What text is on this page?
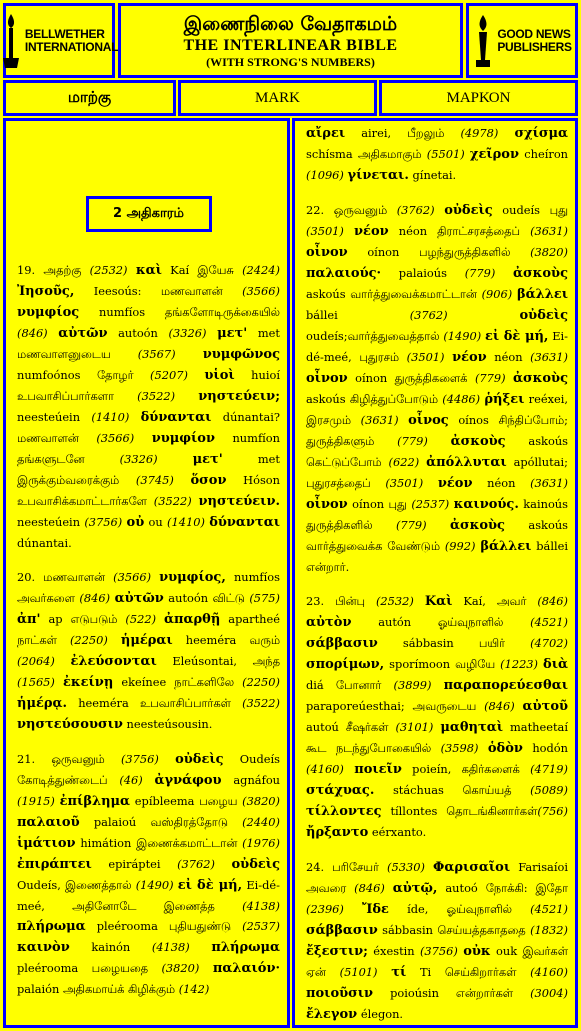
BELLWETHER
INTERNATIONAL
இணைநிலை வேதாகமம்
THE INTERLINEAR BIBLE
(WITH STRONG'S NUMBERS)
GOOD NEWS
PUBLISHERS
மாற்கு	MARK	ΜΑΡΚΟΝ
2 அதிகாரம்

19. அதற்கு (2532) καὶ Kaí இயேசு (2424) Ἰησοῦς, Ieesoús: மணவாளன் (3566) νυμφίος numfíos தங்களோடிருக்கையில் (846) αὐτῶν autoón (3326) μετ' met மணவாளனுடைய (3567) νυμφῶνος numfoónos தோழர் (5207) υἱοὶ huioí உபவாசிப்பார்களா (3522) νηστεύειν; neesteúein (1410) δύνανται dúnantai? மணவாளன் (3566) νυμφίον numfíon தங்களுடனே (3326)	μετ' met இருக்கும்வரைக்கும் (3745) ὅσον Hóson உபவாசிக்கமாட்டார்களே (3522) νηστεύειν. neesteúein (3756) οὐ ou (1410) δύνανται dúnantai.

20. மணவாளன் (3566) νυμφίος, numfíos அவர்களை (846) αὐτῶν autoón விட்டு (575) ἀπ' ap எடுபடும் (522) ἀπαρθῇ apartheé நாட்கள் (2250) ἡμέραι heeméra வரும் (2064) ἐλεύσονται Eleúsontai, அந்த (1565) ἐκείνῃ ekeínee நாட்களிலே (2250) ἡμέρᾳ. heeméra உபவாசிப்பார்கள் (3522) νηστεύσουσιν neesteúsousin.

21. ஒருவனும் (3756) οὐδεὶς Oudeís கோடித்துண்டைப் (46) ἀγνάφου agnáfou (1915) ἐπίβλημα epíbleema பழைய (3820) παλαιοῦ palaioú வஸ்திரத்தோடு (2440) ἱμάτιον himátion இணைக்கமாட்டான் (1976) ἐπιράπτει epiráptei (3762) οὐδεὶς Oudeís, இணைத்தால் (1490) εἰ δὲ μή, Ei-dé-meé, அதினோடே இணைத்த (4138) πλήρωμα pleérooma புதியதுண்டு (2537) καινὸν kainón (4138) πλήρωμα pleérooma பழையதை (3820) παλαιόν· palaión அதிகமாய்க் கிழிக்கும் (142)

αἴρει airei, பீறலும் (4978) σχίσμα schísma அதிகமாகும் (5501) χεῖρον cheíron (1096) γίνεται. gínetai.

22. ஒருவனும் (3762) οὐδεὶς oudeís புது (3501) νέον néon திராட்சரசத்தைப் (3631) οἶνον oínon பழந்துருத்திகளில் (3820) παλαιούς· palaioús (779) ἀσκοὺς askoús வார்த்துவைக்கமாட்டான் (906) βάλλει bállei (3762)	οὐδεὶς oudeís;வார்த்துவைத்தால் (1490) εἰ δὲ μή, Ei-dé-meé, புதுரசம் (3501) νέον néon (3631) οἶνον oínon துருத்திகளைக் (779) ἀσκοὺς askoús கிழித்துப்போடும் (4486) ῥήξει reéxei, இரசமும் (3631) οἶνος oínos சிந்திப்போம்; துருத்திகளும் (779) ἀσκοὺς askoús கெட்டுப்போம் (622) ἀπόλλυται apóllutai; புதுரசத்தைப் (3501) νέον néon (3631) οἶνον oínon புது (2537) καινούς. kainoús துருத்திகளில் (779) ἀσκοὺς askoús வார்த்துவைக்க வேண்டும் (992) βάλλει bállei என்றார்.

23. பின்பு (2532) Καὶ Kaí, அவர் (846) αὐτὸν autón ஓய்வுநாளில் (4521) σάββασιν sábbasin பயிர் (4702) σπορίμων, sporímoon வழியே (1223) διὰ diá போனார் (3899) παραπορεύεσθαι paraporeúesthai; அவருடைய (846) αὐτοῦ autoú சீஷர்கள் (3101) μαθηταὶ matheetaí கூட நடந்துபோகையில் (3598) ὁδὸν hodón (4160) ποιεῖν poieín, கதிர்களைக் (4719) στάχυας. stáchuas கொய்யத் (5089) τίλλοντες tíllontes தொடங்கினார்கள்(756) ἤρξαντο eérxanto.

24. பரிசேயர் (5330) Φαρισαῖοι Farisaíoi அவரை (846) αὐτῷ, autoó நோக்கி: இதோ (2396) Ἴδε íde, ஓய்வுநாளில் (4521) σάββασιν sábbasin செய்யத்தகாததை (1832) ἔξεστιν; éxestin (3756) οὐκ ouk இவர்கள் ஏன் (5101) τί Ti செய்கிறார்கள் (4160) ποιοῦσιν poioúsin என்றார்கள் (3004) ἔλεγον élegon.
